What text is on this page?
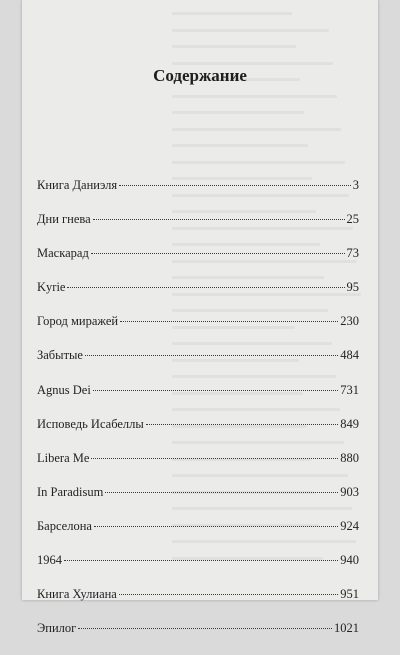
Содержание
Книга Даниэля	3
Дни гнева	25
Маскарад	73
Kyrie	95
Город миражей	230
Забытые	484
Agnus Dei	731
Исповедь Исабеллы	849
Libera Me	880
In Paradisum	903
Барселона	924
1964	940
Книга Хулиана	951
Эпилог	1021
